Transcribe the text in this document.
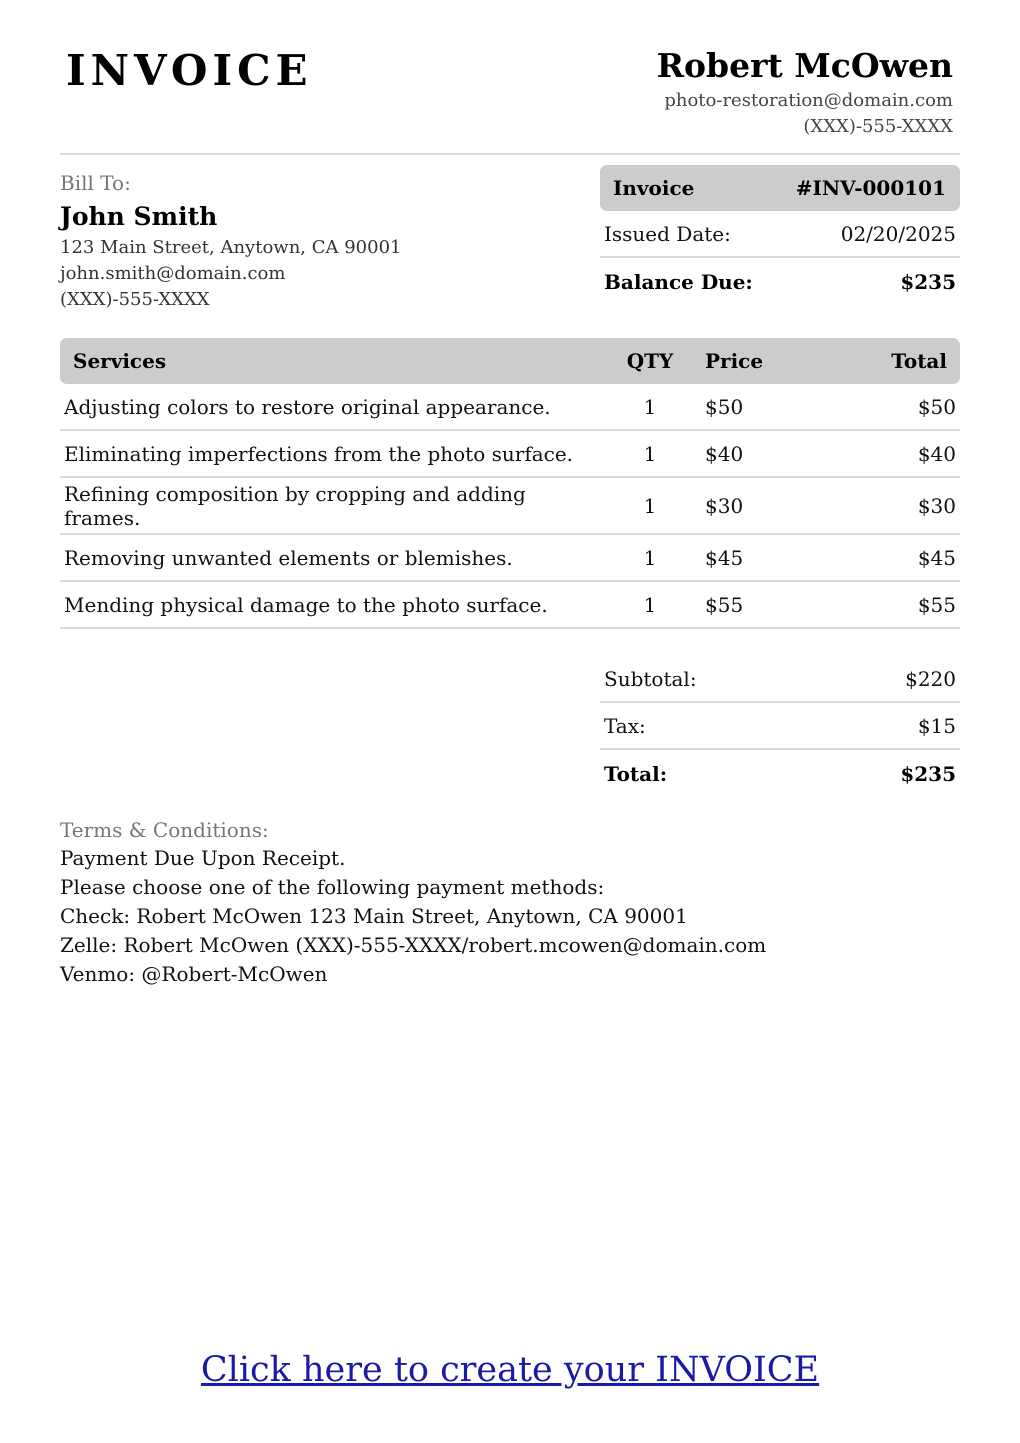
INVOICE	Robert McOwen
photo-restoration@domain.com
(XXX)-555-XXXX
Bill To:
John Smith
123 Main Street, Anytown, CA 90001
john.smith@domain.com
(XXX)-555-XXXX
Invoice	#INV-000101
Issued Date:	02/20/2025
Balance Due:	$235
Services	QTY	Price	Total
Adjusting colors to restore original appearance.	1	$50	$50
Eliminating imperfections from the photo surface.	1	$40	$40
Refining composition by cropping and adding frames.	1	$30	$30
Removing unwanted elements or blemishes.	1	$45	$45
Mending physical damage to the photo surface.	1	$55	$55
Subtotal:	$220
Tax:	$15
Total:	$235
Terms & Conditions:
Payment Due Upon Receipt.
Please choose one of the following payment methods:
Check: Robert McOwen 123 Main Street, Anytown, CA 90001
Zelle: Robert McOwen (XXX)-555-XXXX/robert.mcowen@domain.com
Venmo: @Robert-McOwen
Click here to create your INVOICE
